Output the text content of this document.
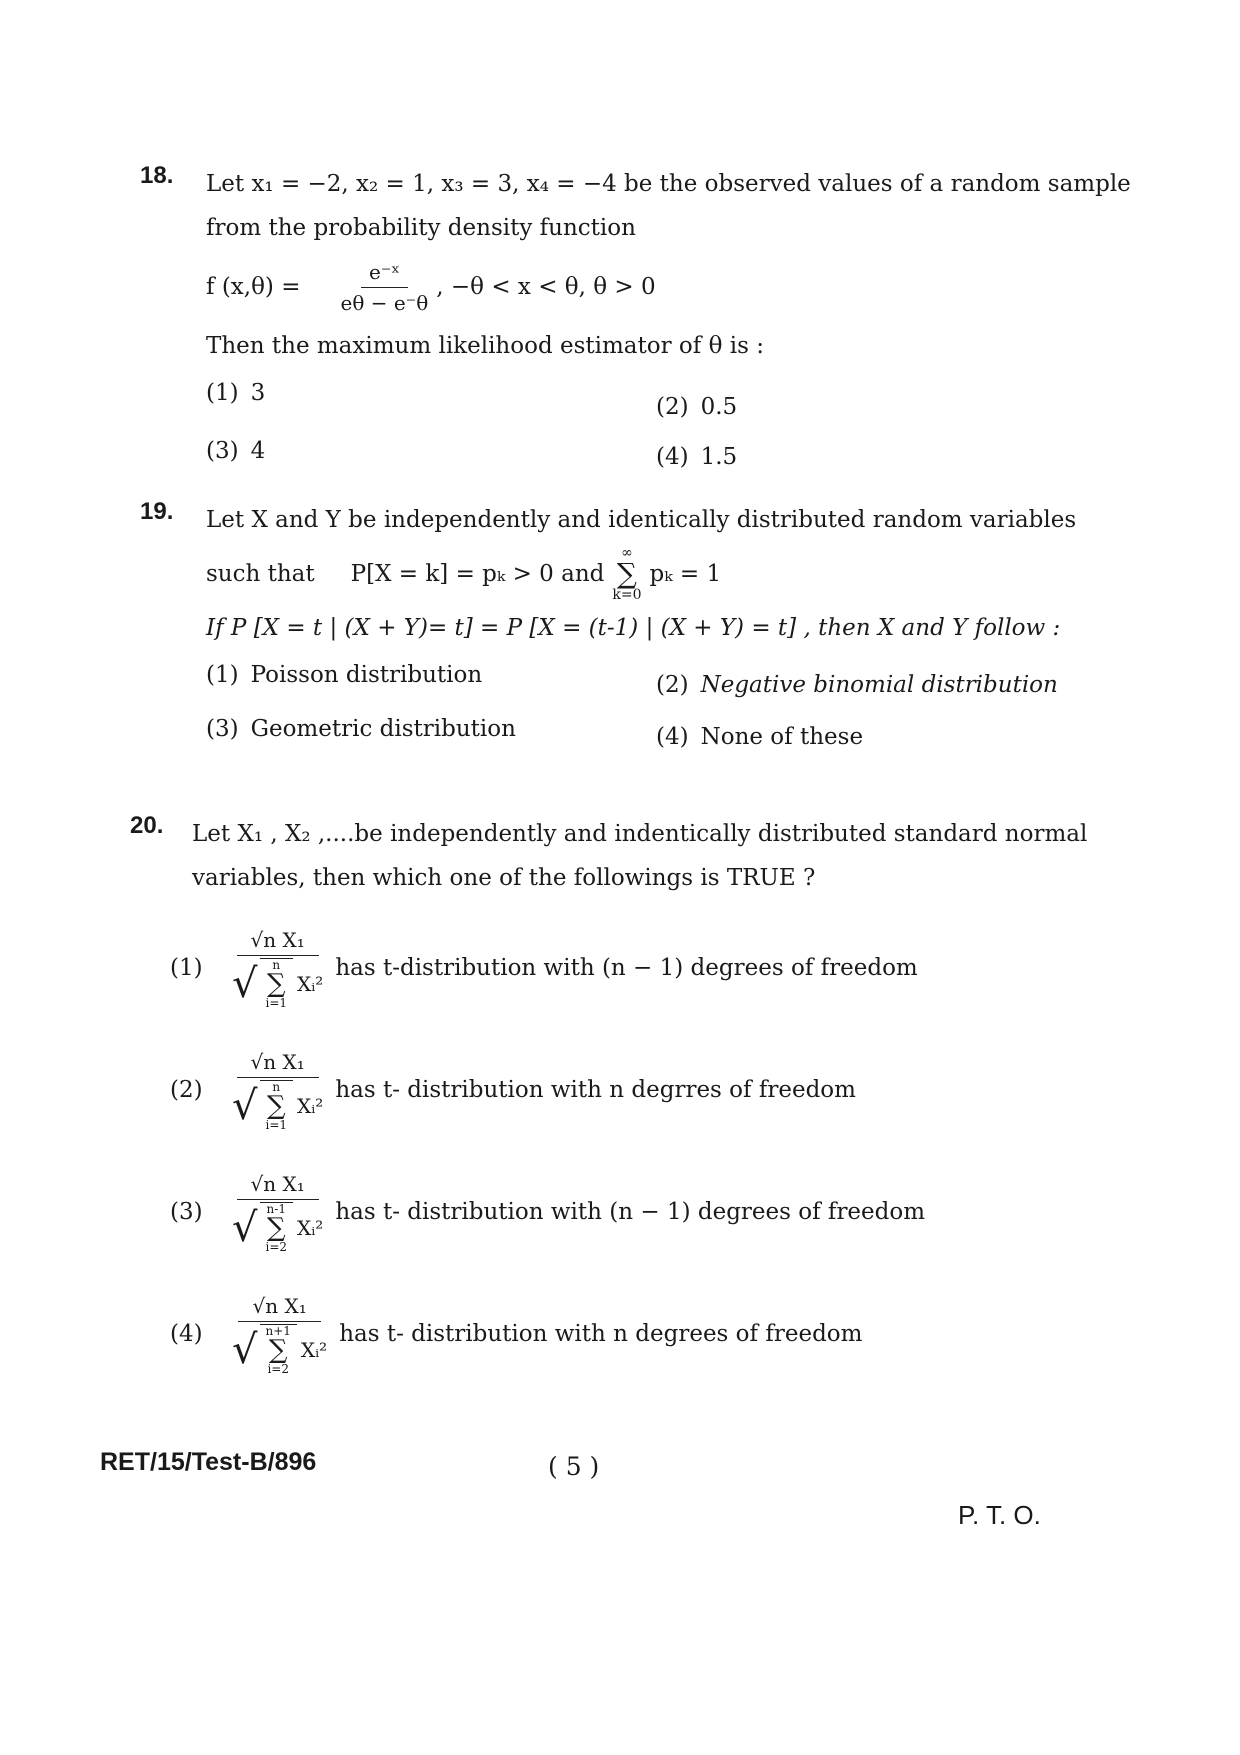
18. Let x₁ = −2, x₂ = 1, x₃ = 3, x₄ = −4 be the observed values of a random sample
from the probability density function
f $(x,\theta) = \frac{\text{e⁻ˣ}}{e\theta - e^-\theta}$ , −θ < x < θ, θ > 0
Then the maximum likelihood estimator of θ is :
(1) 3
(2) 0.5
(3) 4	(4) 1.5
19. Let X and Y be independently and identically distributed random variables
such that P[X = k] = pₖ > 0 and
∞
∑
k=0
pₖ = 1
If P [X = t | (X + Y)= t] = P [X = (t-1) | (X + Y) = t] , then X and Y follow :
(1) Poisson distribution	(2) Negative binomial distribution
(3) Geometric distribution	(4) None of these
20. Let X₁ , X₂ ,....be independently and indentically distributed standard normal
variables, then which one of the followings is TRUE ?
(1)
√n X₁
√ n
∑
i=1
Xᵢ²
has t-distribution with (n − 1) degrees of freedom
(2)
√n X₁
√ n
∑
i=1
Xᵢ²
has t- distribution with n degrres of freedom
(3)
√n X₁
√ n-1
∑
i=2
Xᵢ²
has t- distribution with (n − 1) degrees of freedom
(4)
√n X₁
√ n+1
∑
i=2
Xᵢ²
has t- distribution with n degrees of freedom
RET/15/Test-B/896	( 5 )
P. T. O.
